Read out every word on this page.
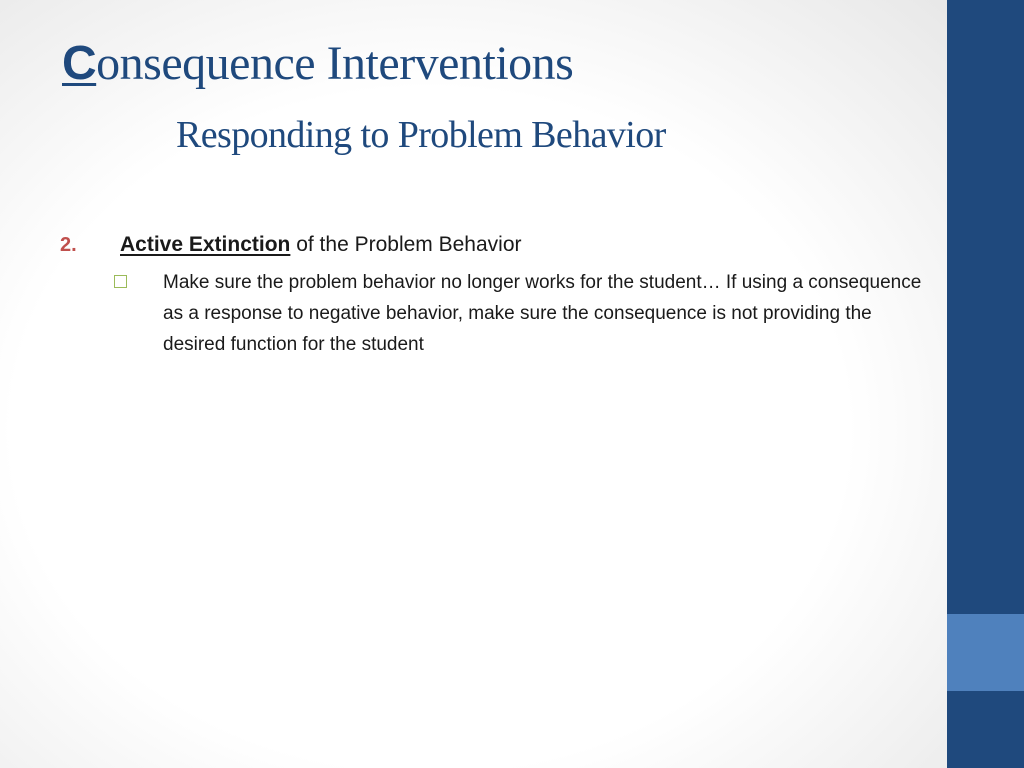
Consequence Interventions
Responding to Problem Behavior
2. Active Extinction of the Problem Behavior

Make sure the problem behavior no longer works for the student… If using a consequence as a response to negative behavior, make sure the consequence is not providing the desired function for the student
